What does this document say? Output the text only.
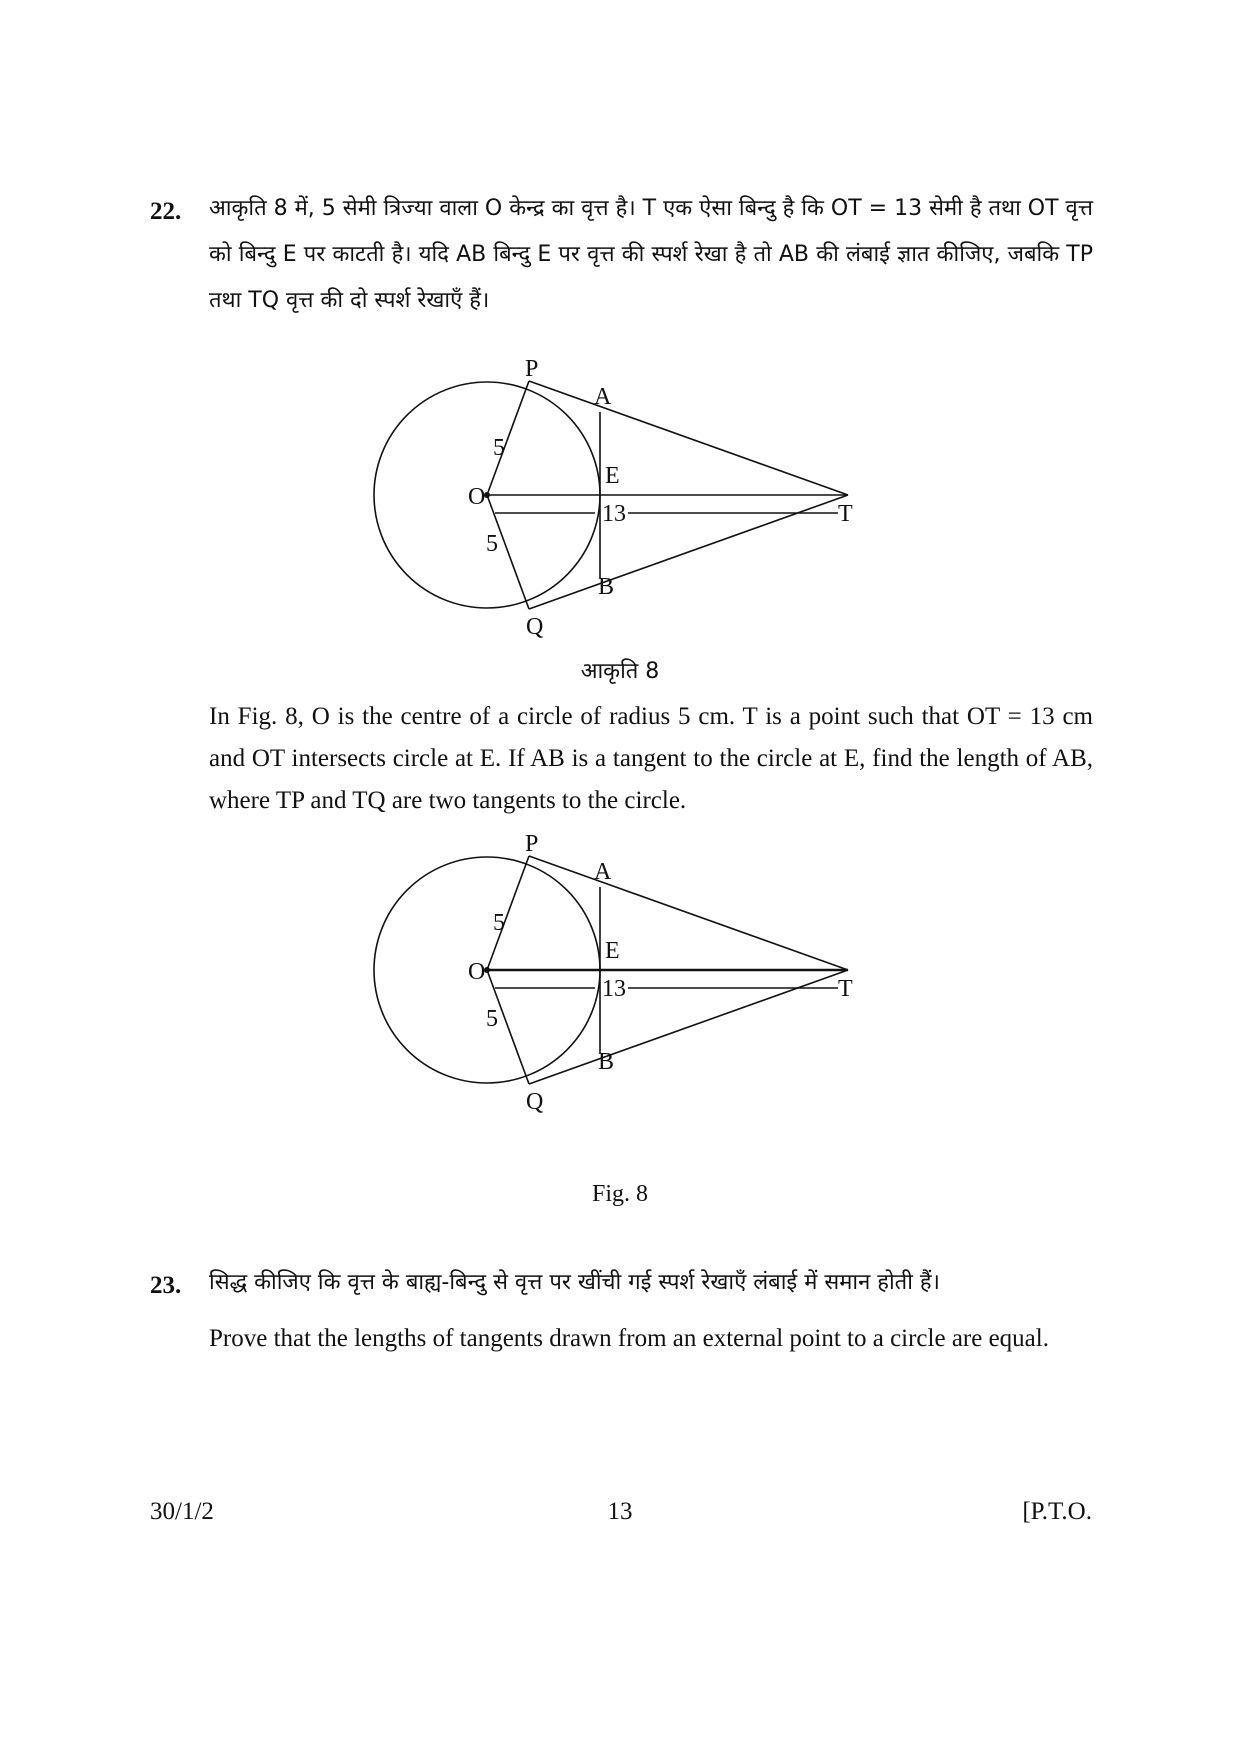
22. आकृति 8 में, 5 सेमी त्रिज्या वाला O केन्द्र का वृत्त है। T एक ऐसा बिन्दु है कि OT = 13 सेमी है तथा OT वृत्त को बिन्दु E पर काटती है। यदि AB बिन्दु E पर वृत्त की स्पर्श रेखा है तो AB की लंबाई ज्ञात कीजिए, जबकि TP तथा TQ वृत्त की दो स्पर्श रेखाएँ हैं।
P
A
5
O
E
13	T
5
B
Q
आकृति 8
In Fig. 8, O is the centre of a circle of radius 5 cm. T is a point such that OT = 13 cm and OT intersects circle at E. If AB is a tangent to the circle at E, find the length of AB, where TP and TQ are two tangents to the circle.
P
A
5
O
E
13	T
5
B
Q
Fig. 8
23. सिद्ध कीजिए कि वृत्त के बाह्य-बिन्दु से वृत्त पर खींची गई स्पर्श रेखाएँ लंबाई में समान होती हैं।
Prove that the lengths of tangents drawn from an external point to a circle are equal.
30/1/2	13	[P.T.O.
